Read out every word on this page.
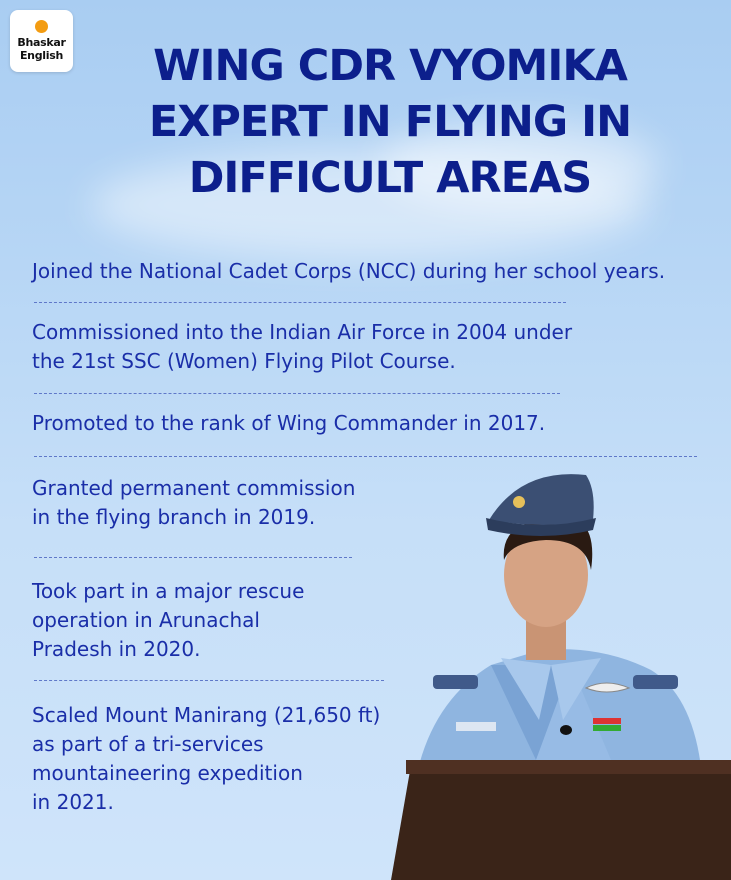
Bhaskar
English	WING CDR VYOMIKA
EXPERT IN FLYING IN
DIFFICULT AREAS

Joined the National Cadet Corps (NCC) during her school years.

Commissioned into the Indian Air Force in 2004 under
the 21st SSC (Women) Flying Pilot Course.

Promoted to the rank of Wing Commander in 2017.

Granted permanent commission
in the flying branch in 2019.

Took part in a major rescue
operation in Arunachal
Pradesh in 2020.

Scaled Mount Manirang (21,650 ft)
as part of a tri-services
mountaineering expedition
in 2021.
